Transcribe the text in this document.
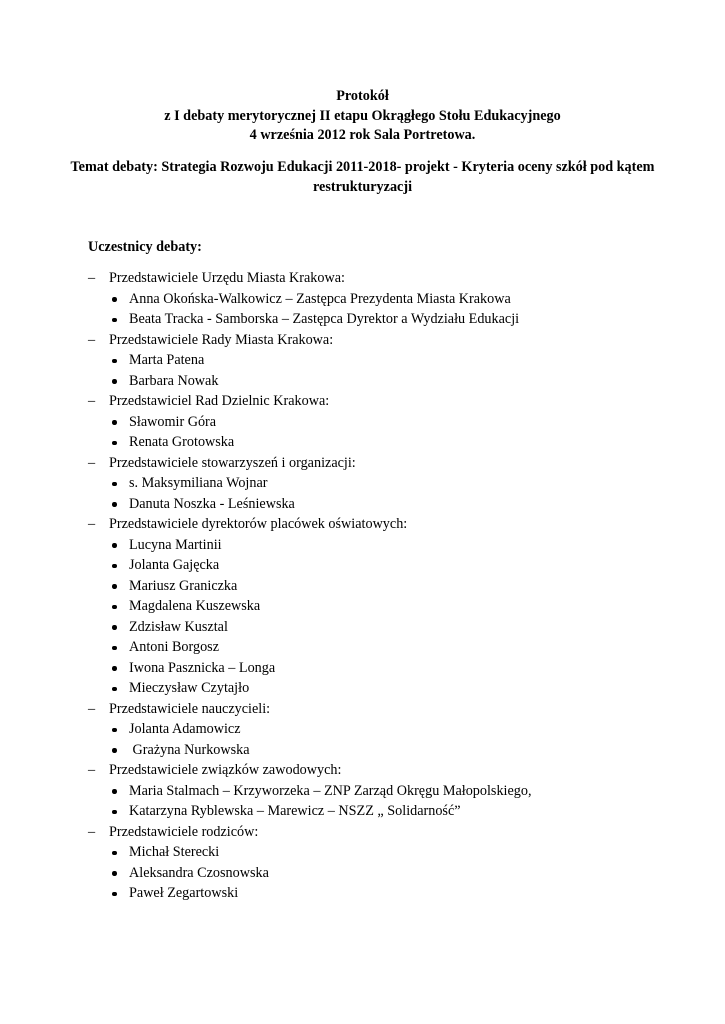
Protokół
z I debaty merytorycznej II etapu Okrągłego Stołu Edukacyjnego
4 września 2012 rok Sala Portretowa.
Temat debaty: Strategia Rozwoju Edukacji 2011-2018- projekt - Kryteria oceny szkół pod kątem restrukturyzacji
Uczestnicy debaty:
– Przedstawiciele Urzędu Miasta Krakowa:
Anna Okońska-Walkowicz – Zastępca Prezydenta Miasta Krakowa
Beata Tracka - Samborska – Zastępca Dyrektor a Wydziału Edukacji
– Przedstawiciele Rady Miasta Krakowa:
Marta Patena
Barbara Nowak
– Przedstawiciel Rad Dzielnic Krakowa:
Sławomir Góra
Renata Grotowska
– Przedstawiciele stowarzyszeń i organizacji:
s. Maksymiliana Wojnar
Danuta Noszka - Leśniewska
– Przedstawiciele dyrektorów placówek oświatowych:
Lucyna Martinii
Jolanta Gajęcka
Mariusz Graniczka
Magdalena Kuszewska
Zdzisław Kusztal
Antoni Borgosz
Iwona Pasznicka – Longa
Mieczysław Czytajło
– Przedstawiciele nauczycieli:
Jolanta Adamowicz
Grażyna Nurkowska
– Przedstawiciele związków zawodowych:
Maria Stalmach – Krzyworzeka – ZNP Zarząd Okręgu Małopolskiego,
Katarzyna Ryblewska – Marewicz – NSZZ „ Solidarność”
– Przedstawiciele rodziców:
Michał Sterecki
Aleksandra Czosnowska
Paweł Zegartowski
